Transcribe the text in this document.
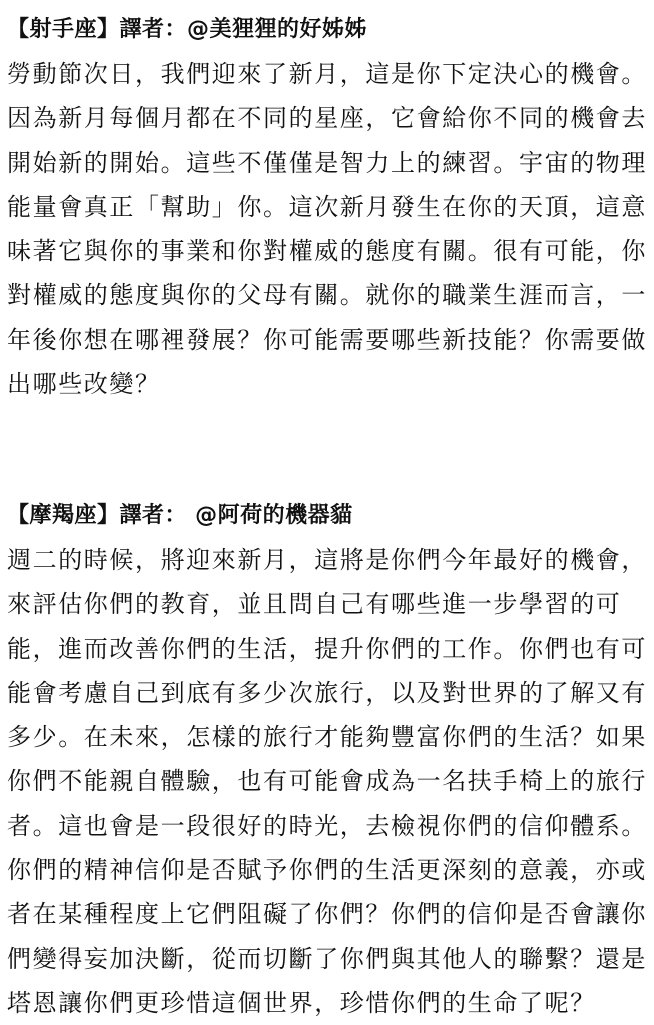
【射手座】譯者：@美狸狸的好姊姊
勞動節次日，我們迎來了新月，這是你下定決心的機會。
因為新月每個月都在不同的星座，它會給你不同的機會去
開始新的開始。這些不僅僅是智力上的練習。宇宙的物理
能量會真正「幫助」你。這次新月發生在你的天頂，這意
味著它與你的事業和你對權威的態度有關。很有可能，你
對權威的態度與你的父母有關。就你的職業生涯而言，一
年後你想在哪裡發展？你可能需要哪些新技能？你需要做
出哪些改變？
【摩羯座】譯者： @阿荷的機器貓
週二的時候，將迎來新月，這將是你們今年最好的機會，
來評估你們的教育，並且問自己有哪些進一步學習的可
能，進而改善你們的生活，提升你們的工作。你們也有可
能會考慮自己到底有多少次旅行，以及對世界的了解又有
多少。在未來，怎樣的旅行才能夠豐富你們的生活？如果
你們不能親自體驗，也有可能會成為一名扶手椅上的旅行
者。這也會是一段很好的時光，去檢視你們的信仰體系。
你們的精神信仰是否賦予你們的生活更深刻的意義，亦或
者在某種程度上它們阻礙了你們？你們的信仰是否會讓你
們變得妄加決斷，從而切斷了你們與其他人的聯繫？還是
塔恩讓你們更珍惜這個世界，珍惜你們的生命了呢？
